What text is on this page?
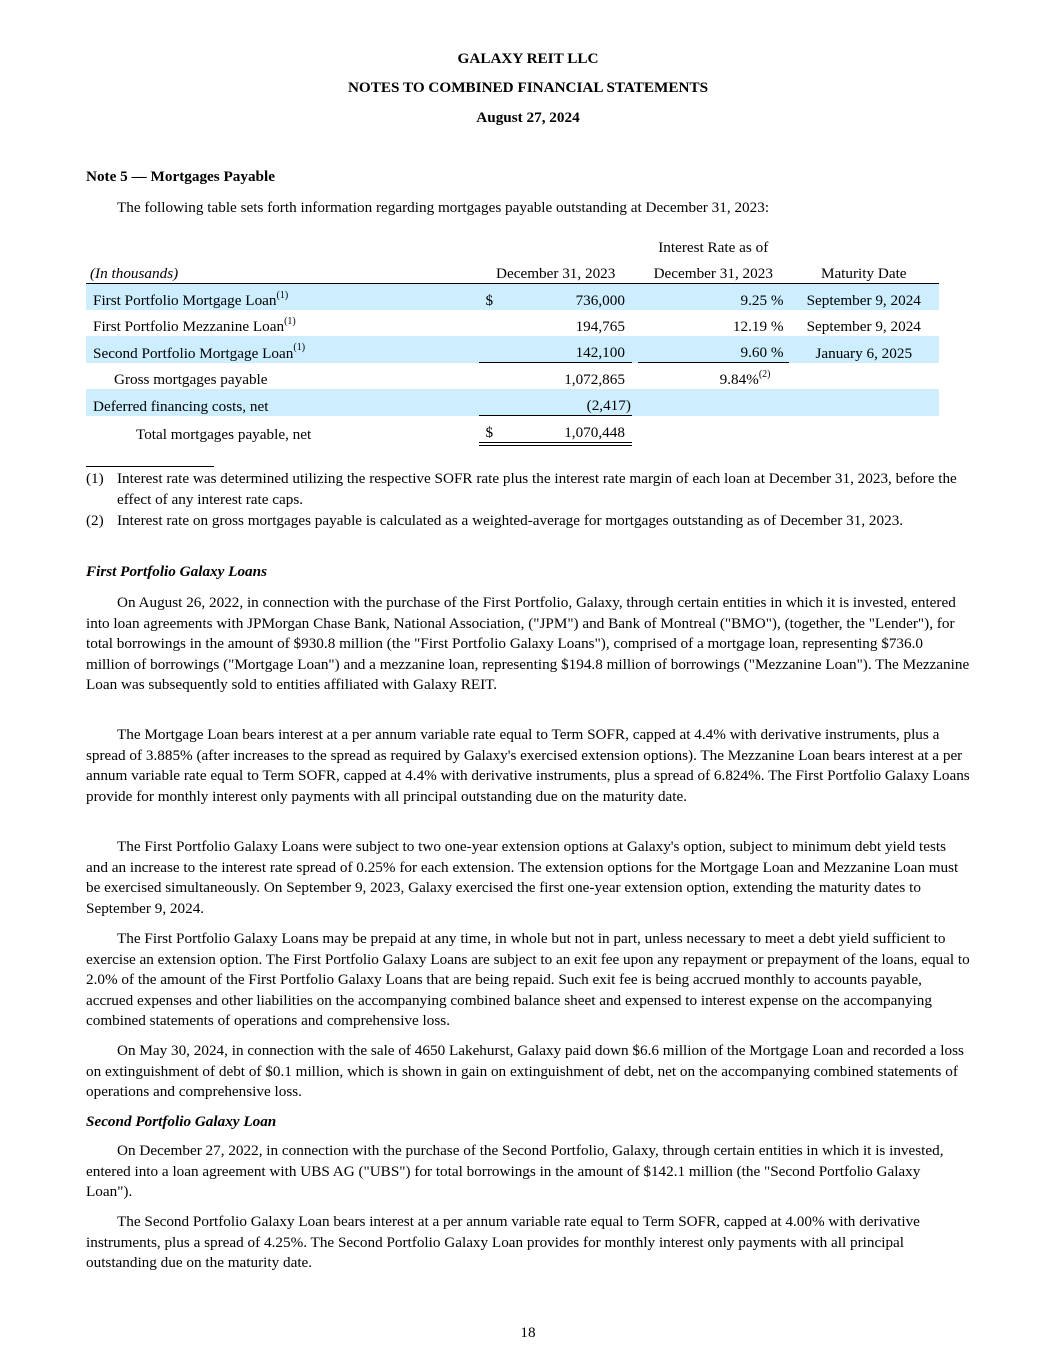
GALAXY REIT LLC
NOTES TO COMBINED FINANCIAL STATEMENTS
August 27, 2024
Note 5 — Mortgages Payable
The following table sets forth information regarding mortgages payable outstanding at December 31, 2023:
				Interest Rate as of	
(In thousands)		December 31, 2023		December 31, 2023	Maturity Date
First Portfolio Mortgage Loan$^{(1)}$		$ 736,000		9.25 %	September 9, 2024
First Portfolio Mezzanine Loan$^{(1)}$		194,765		12.19 %	September 9, 2024
Second Portfolio Mortgage Loan$^{(1)}$		142,100		9.60 %	January 6, 2025
Gross mortgages payable		1,072,865		9.84%$^{(2)}$	
Deferred financing costs, net		(2,417)			

Total mortgages payable, net		$ 1,070,448			

(1) Interest rate was determined utilizing the respective SOFR rate plus the interest rate margin of each loan at December 31, 2023, before the effect of any interest rate caps.
(2) Interest rate on gross mortgages payable is calculated as a weighted-average for mortgages outstanding as of December 31, 2023.
First Portfolio Galaxy Loans
On August 26, 2022, in connection with the purchase of the First Portfolio, Galaxy, through certain entities in which it is invested, entered into loan agreements with JPMorgan Chase Bank, National Association, ("JPM") and Bank of Montreal ("BMO"), (together, the "Lender"), for total borrowings in the amount of $930.8 million (the "First Portfolio Galaxy Loans"), comprised of a mortgage loan, representing $736.0 million of borrowings ("Mortgage Loan") and a mezzanine loan, representing $194.8 million of borrowings ("Mezzanine Loan"). The Mezzanine Loan was subsequently sold to entities affiliated with Galaxy REIT.
The Mortgage Loan bears interest at a per annum variable rate equal to Term SOFR, capped at 4.4% with derivative instruments, plus a spread of 3.885% (after increases to the spread as required by Galaxy's exercised extension options). The Mezzanine Loan bears interest at a per annum variable rate equal to Term SOFR, capped at 4.4% with derivative instruments, plus a spread of 6.824%. The First Portfolio Galaxy Loans provide for monthly interest only payments with all principal outstanding due on the maturity date.
The First Portfolio Galaxy Loans were subject to two one-year extension options at Galaxy's option, subject to minimum debt yield tests and an increase to the interest rate spread of 0.25% for each extension. The extension options for the Mortgage Loan and Mezzanine Loan must be exercised simultaneously. On September 9, 2023, Galaxy exercised the first one-year extension option, extending the maturity dates to September 9, 2024.
The First Portfolio Galaxy Loans may be prepaid at any time, in whole but not in part, unless necessary to meet a debt yield sufficient to exercise an extension option. The First Portfolio Galaxy Loans are subject to an exit fee upon any repayment or prepayment of the loans, equal to 2.0% of the amount of the First Portfolio Galaxy Loans that are being repaid. Such exit fee is being accrued monthly to accounts payable, accrued expenses and other liabilities on the accompanying combined balance sheet and expensed to interest expense on the accompanying combined statements of operations and comprehensive loss.
On May 30, 2024, in connection with the sale of 4650 Lakehurst, Galaxy paid down $6.6 million of the Mortgage Loan and recorded a loss on extinguishment of debt of $0.1 million, which is shown in gain on extinguishment of debt, net on the accompanying combined statements of operations and comprehensive loss.
Second Portfolio Galaxy Loan
On December 27, 2022, in connection with the purchase of the Second Portfolio, Galaxy, through certain entities in which it is invested, entered into a loan agreement with UBS AG ("UBS") for total borrowings in the amount of $142.1 million (the "Second Portfolio Galaxy Loan").
The Second Portfolio Galaxy Loan bears interest at a per annum variable rate equal to Term SOFR, capped at 4.00% with derivative instruments, plus a spread of 4.25%. The Second Portfolio Galaxy Loan provides for monthly interest only payments with all principal outstanding due on the maturity date.
18
